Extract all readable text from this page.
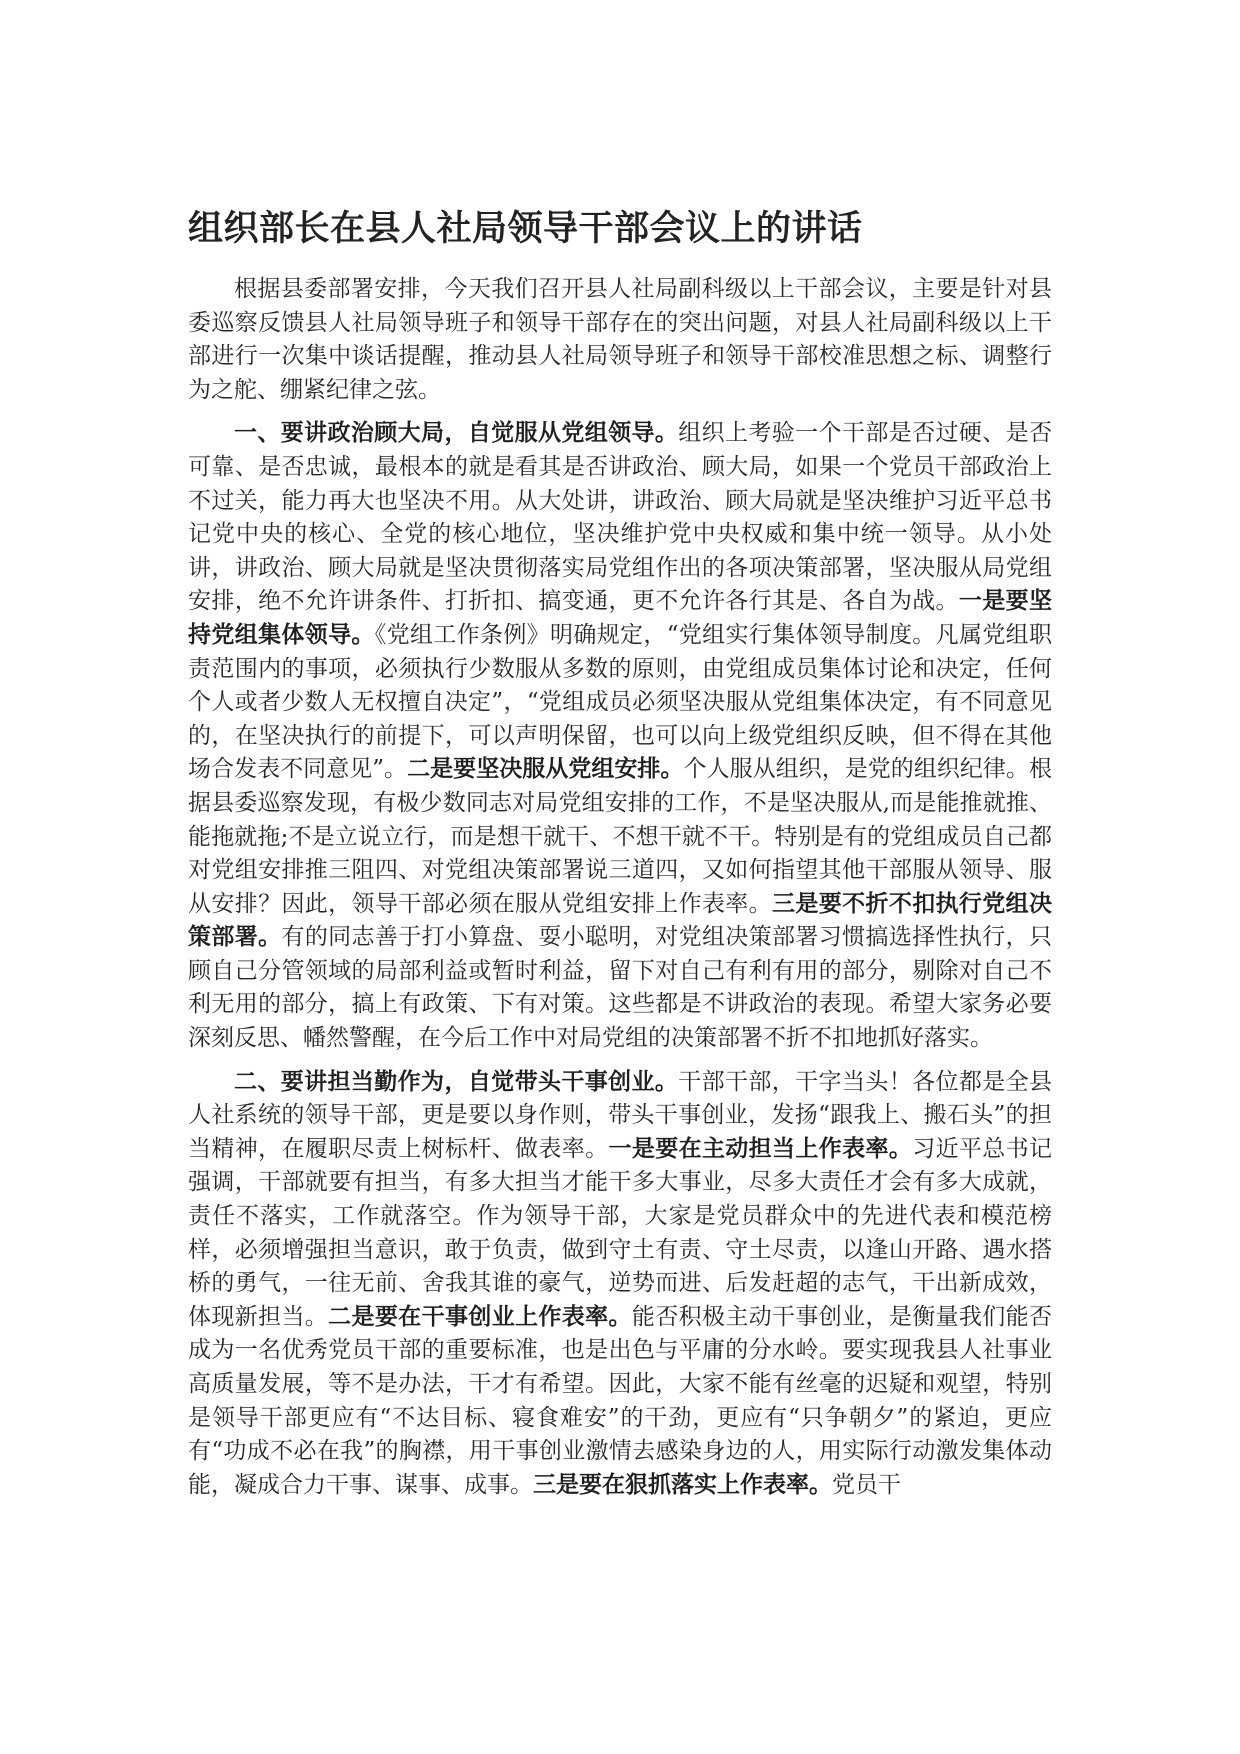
组织部长在县人社局领导干部会议上的讲话

根据县委部署安排，今天我们召开县人社局副科级以上干部会议，主要是针对县委巡察反馈县人社局领导班子和领导干部存在的突出问题，对县人社局副科级以上干部进行一次集中谈话提醒，推动县人社局领导班子和领导干部校准思想之标、调整行为之舵、绷紧纪律之弦。

一、要讲政治顾大局，自觉服从党组领导。组织上考验一个干部是否过硬、是否可靠、是否忠诚，最根本的就是看其是否讲政治、顾大局，如果一个党员干部政治上不过关，能力再大也坚决不用。从大处讲，讲政治、顾大局就是坚决维护习近平总书记党中央的核心、全党的核心地位，坚决维护党中央权威和集中统一领导。从小处讲，讲政治、顾大局就是坚决贯彻落实局党组作出的各项决策部署，坚决服从局党组安排，绝不允许讲条件、打折扣、搞变通，更不允许各行其是、各自为战。一是要坚持党组集体领导。《党组工作条例》明确规定，“党组实行集体领导制度。凡属党组职责范围内的事项，必须执行少数服从多数的原则，由党组成员集体讨论和决定，任何个人或者少数人无权擅自决定”，“党组成员必须坚决服从党组集体决定，有不同意见的，在坚决执行的前提下，可以声明保留，也可以向上级党组织反映，但不得在其他场合发表不同意见”。二是要坚决服从党组安排。个人服从组织，是党的组织纪律。根据县委巡察发现，有极少数同志对局党组安排的工作，不是坚决服从,而是能推就推、能拖就拖;不是立说立行，而是想干就干、不想干就不干。特别是有的党组成员自己都对党组安排推三阻四、对党组决策部署说三道四，又如何指望其他干部服从领导、服从安排？因此，领导干部必须在服从党组安排上作表率。三是要不折不扣执行党组决策部署。有的同志善于打小算盘、耍小聪明，对党组决策部署习惯搞选择性执行，只顾自己分管领域的局部利益或暂时利益，留下对自己有利有用的部分，剔除对自己不利无用的部分，搞上有政策、下有对策。这些都是不讲政治的表现。希望大家务必要深刻反思、幡然警醒，在今后工作中对局党组的决策部署不折不扣地抓好落实。

二、要讲担当勤作为，自觉带头干事创业。干部干部，干字当头！各位都是全县人社系统的领导干部，更是要以身作则，带头干事创业，发扬“跟我上、搬石头”的担当精神，在履职尽责上树标杆、做表率。一是要在主动担当上作表率。习近平总书记强调，干部就要有担当，有多大担当才能干多大事业，尽多大责任才会有多大成就，责任不落实，工作就落空。作为领导干部，大家是党员群众中的先进代表和模范榜样，必须增强担当意识，敢于负责，做到守土有责、守土尽责，以逢山开路、遇水搭桥的勇气，一往无前、舍我其谁的豪气，逆势而进、后发赶超的志气，干出新成效，体现新担当。二是要在干事创业上作表率。能否积极主动干事创业，是衡量我们能否成为一名优秀党员干部的重要标准，也是出色与平庸的分水岭。要实现我县人社事业高质量发展，等不是办法，干才有希望。因此，大家不能有丝毫的迟疑和观望，特别是领导干部更应有“不达目标、寝食难安”的干劲，更应有“只争朝夕”的紧迫，更应有“功成不必在我”的胸襟，用干事创业激情去感染身边的人，用实际行动激发集体动能，凝成合力干事、谋事、成事。三是要在狠抓落实上作表率。党员干
